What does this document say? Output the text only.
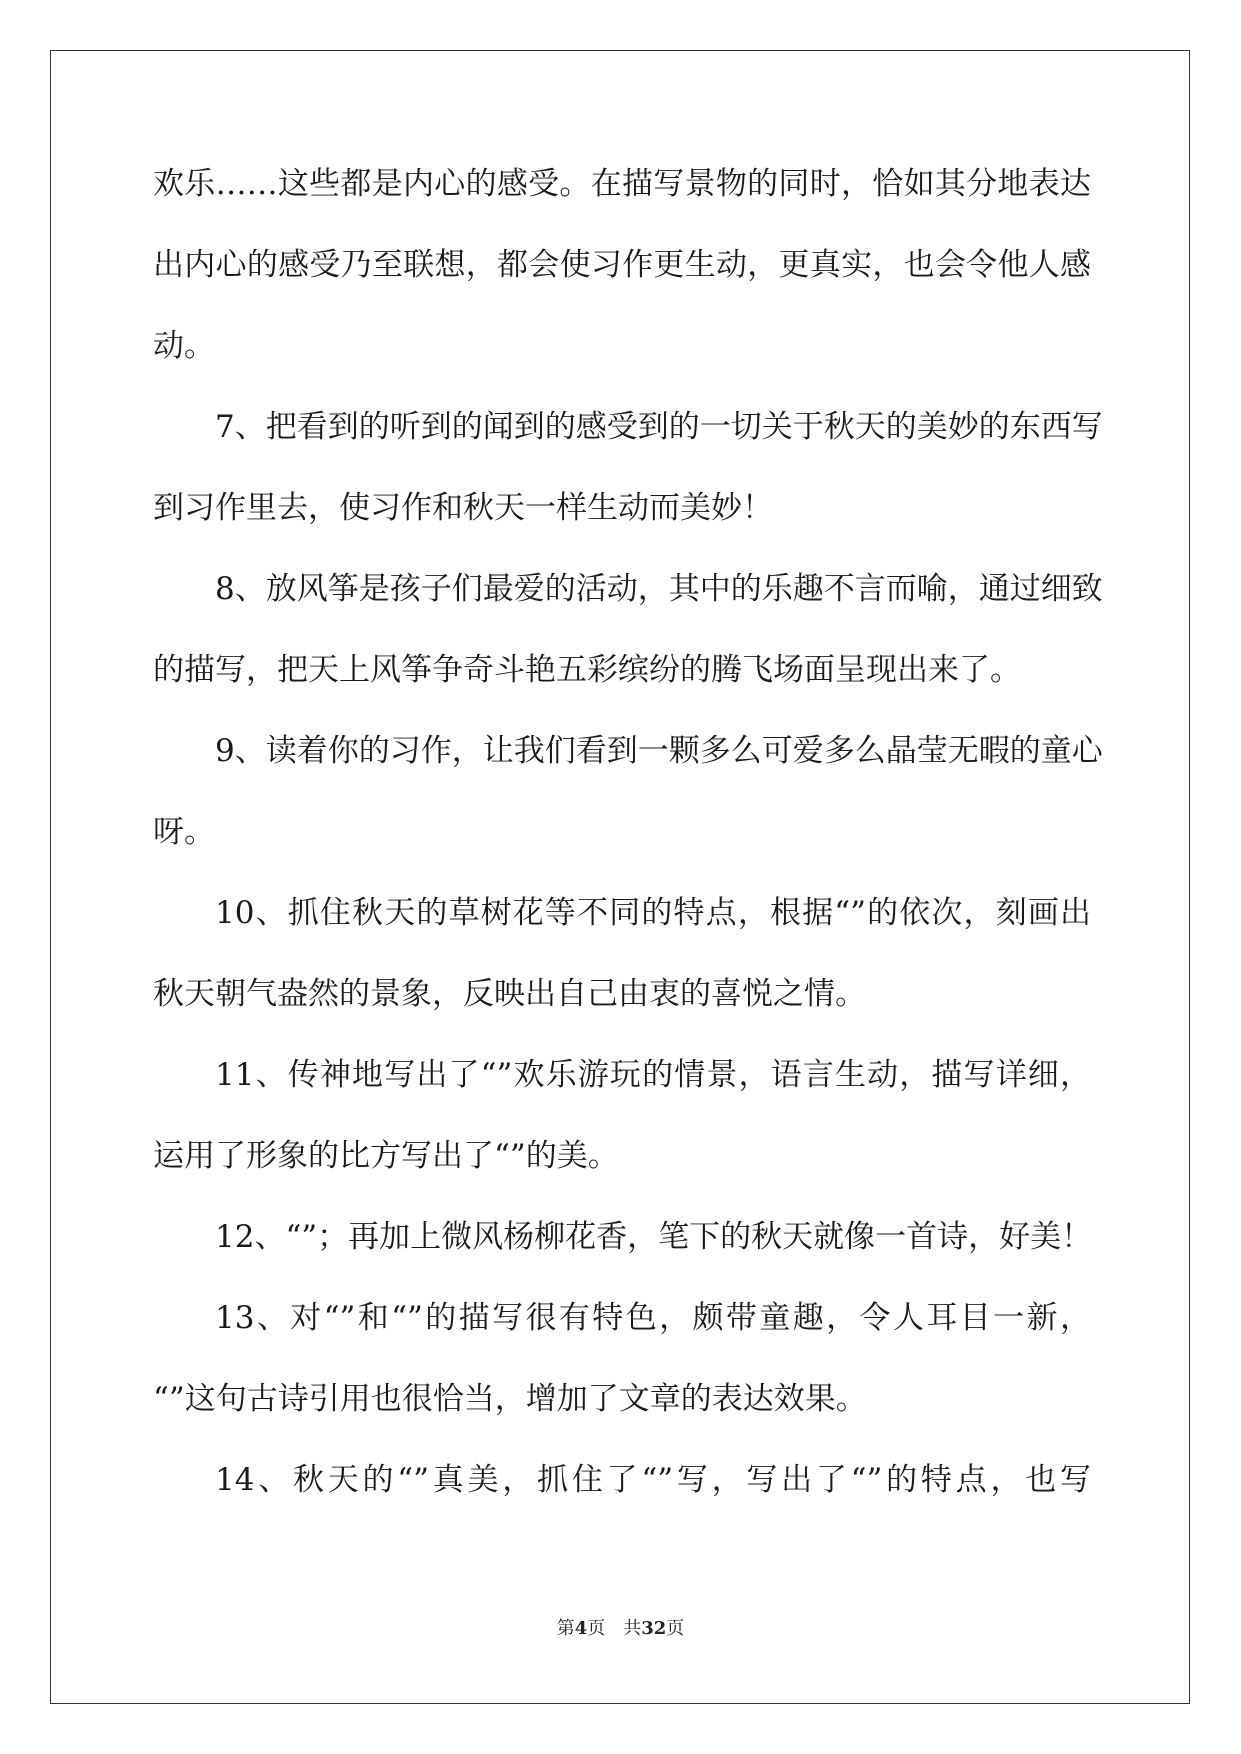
欢乐……这些都是内心的感受。在描写景物的同时，恰如其分地表达
出内心的感受乃至联想，都会使习作更生动，更真实，也会令他人感
动。
7、把看到的听到的闻到的感受到的一切关于秋天的美妙的东西写
到习作里去，使习作和秋天一样生动而美妙！
8、放风筝是孩子们最爱的活动，其中的乐趣不言而喻，通过细致
的描写，把天上风筝争奇斗艳五彩缤纷的腾飞场面呈现出来了。
9、读着你的习作，让我们看到一颗多么可爱多么晶莹无暇的童心
呀。
10、抓住秋天的草树花等不同的特点，根据“”的依次，刻画出
秋天朝气盎然的景象，反映出自己由衷的喜悦之情。
11、传神地写出了“”欢乐游玩的情景，语言生动，描写详细，
运用了形象的比方写出了“”的美。
12、“”；再加上微风杨柳花香，笔下的秋天就像一首诗，好美！
13、对“”和“”的描写很有特色，颇带童趣，令人耳目一新，
“”这句古诗引用也很恰当，增加了文章的表达效果。
14、秋天的“”真美，抓住了“”写，写出了“”的特点，也写
第4页　共32页
